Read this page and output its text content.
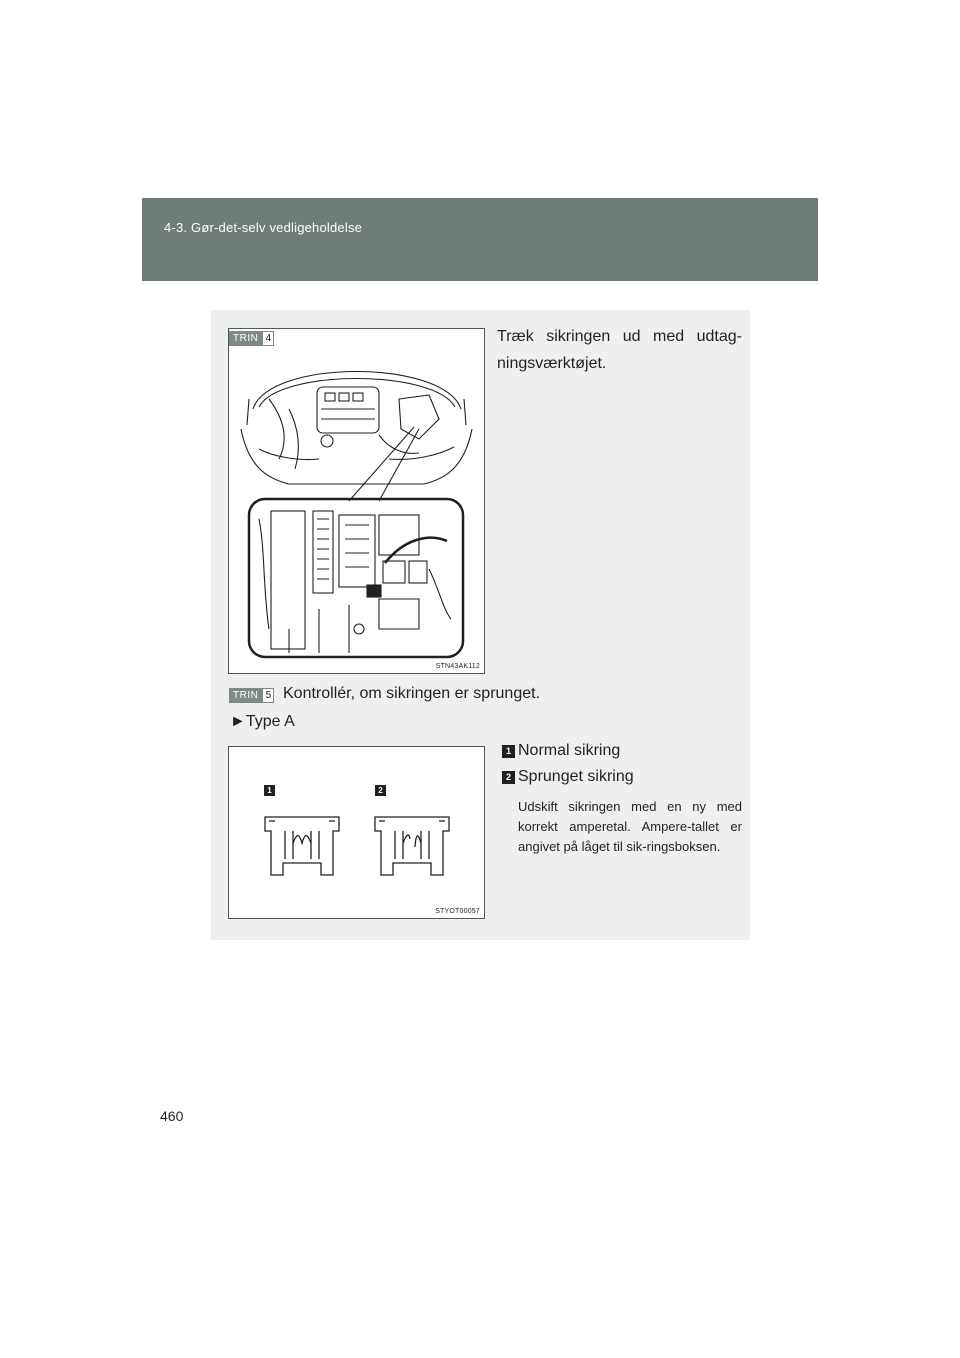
4-3. Gør-det-selv vedligeholdelse
STN43AK112
TRIN 4	Træk sikringen ud med udtag-ningsværktøjet.
TRIN 5 Kontrollér, om sikringen er sprunget.
►Type A
1	2
STYOT00057
1 Normal sikring
2 Sprunget sikring
Udskift sikringen med en ny med korrekt amperetal. Ampere-tallet er angivet på låget til sik-ringsboksen.
460
